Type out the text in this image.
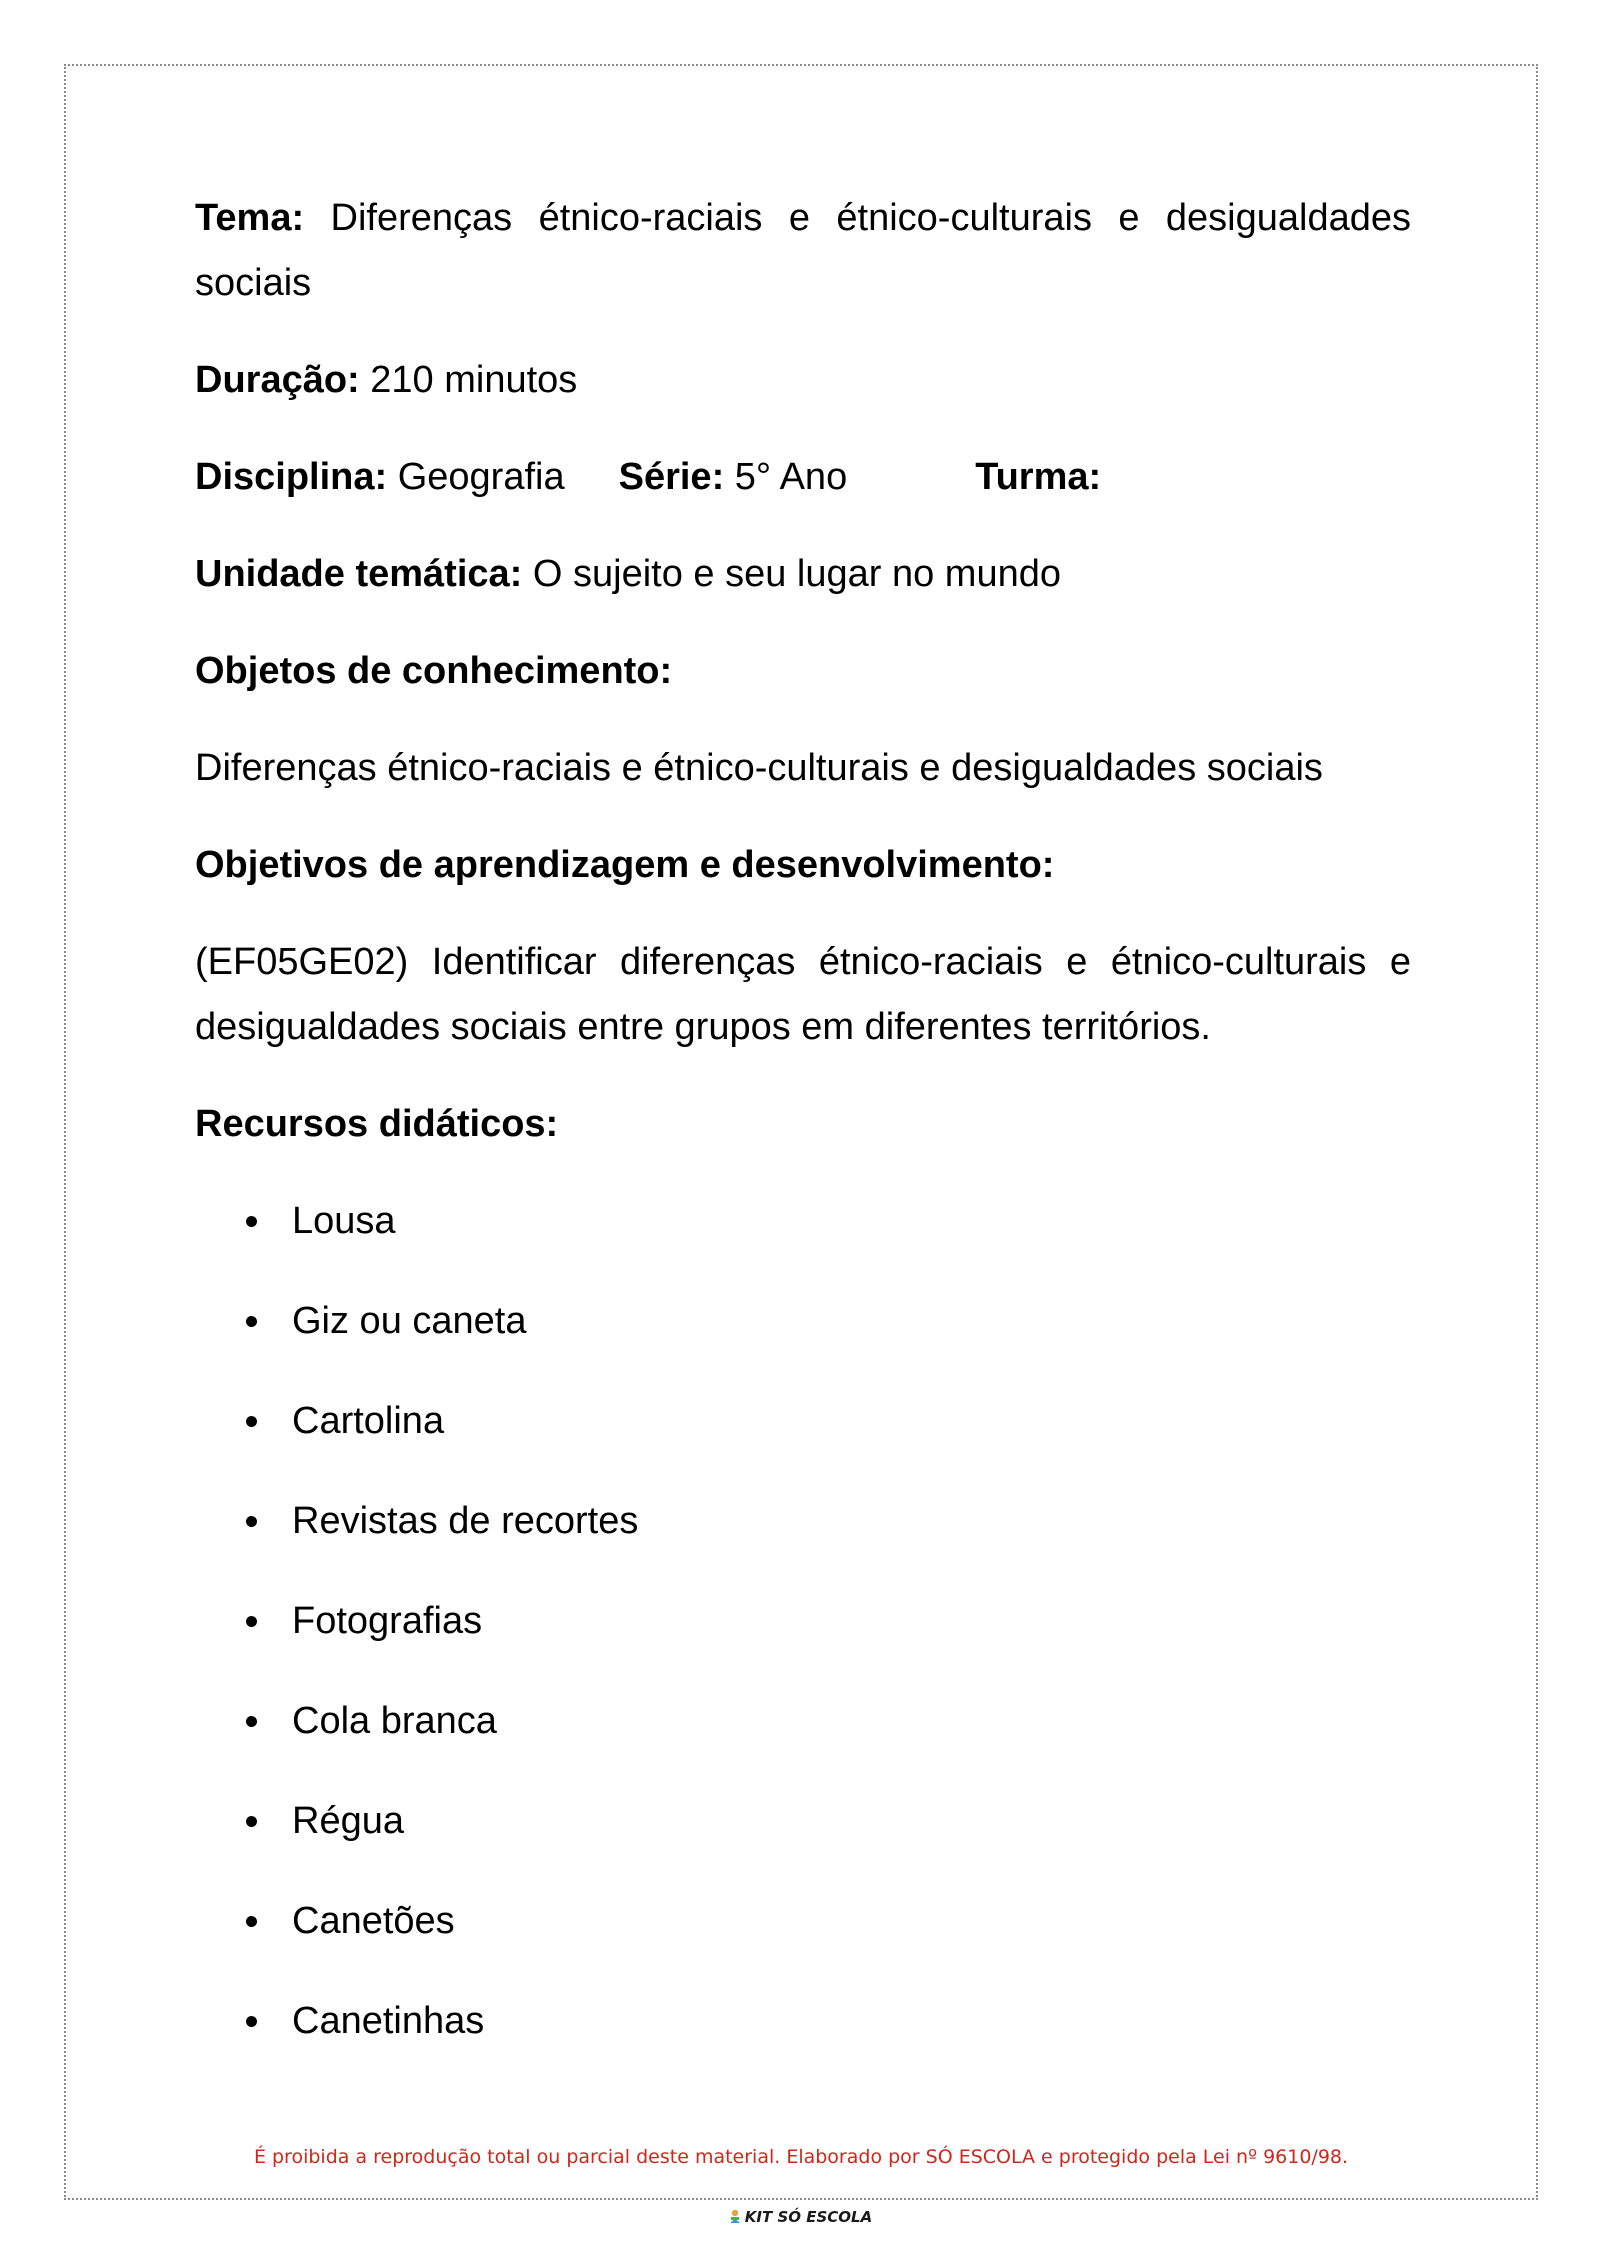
Tema: Diferenças étnico-raciais e étnico-culturais e desigualdades sociais

Duração: 210 minutos

Disciplina: Geografia Série: 5° Ano	Turma:

Unidade temática: O sujeito e seu lugar no mundo

Objetos de conhecimento:

Diferenças étnico-raciais e étnico-culturais e desigualdades sociais

Objetivos de aprendizagem e desenvolvimento:

(EF05GE02) Identificar diferenças étnico-raciais e étnico-culturais e desigualdades sociais entre grupos em diferentes territórios.

Recursos didáticos:

Lousa
Giz ou caneta
Cartolina
Revistas de recortes
Fotografias
Cola branca
Régua
Canetões
Canetinhas
É proibida a reprodução total ou parcial deste material. Elaborado por SÓ ESCOLA e protegido pela Lei nº 9610/98.
KIT SÓ ESCOLA
